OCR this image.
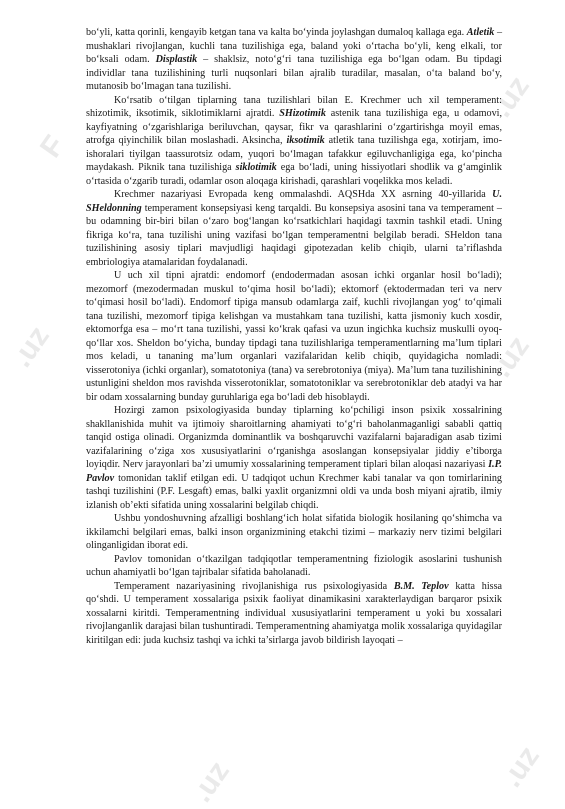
F
.uz
.uz	.uz
.uz	.uz

bo‘yli, katta qorinli, kengayib ketgan tana va kalta bo‘yinda joylashgan dumaloq kallaga ega. Atletik – mushaklari rivojlangan, kuchli tana tuzilishiga ega, baland yoki o‘rtacha bo‘yli, keng elkali, tor bo‘ksali odam. Displastik – shaklsiz, noto‘g‘ri tana tuzilishiga ega bo‘lgan odam. Bu tipdagi individlar tana tuzilishining turli nuqsonlari bilan ajralib turadilar, masalan, o‘ta baland bo‘y, mutanosib bo‘lmagan tana tuzilishi.

Ko‘rsatib o‘tilgan tiplarning tana tuzilishlari bilan E. Krechmer uch xil temperament: shizotimik, iksotimik, siklotimiklarni ajratdi. SHizotimik astenik tana tuzilishiga ega, u odamovi, kayfiyatning o‘zgarishlariga beriluvchan, qaysar, fikr va qarashlarini o‘zgartirishga moyil emas, atrofga qiyinchilik bilan moslashadi. Aksincha, iksotimik atletik tana tuzilishga ega, xotirjam, imo-ishoralari tiyilgan taassurotsiz odam, yuqori bo‘lmagan tafakkur egiluvchanligiga ega, ko‘pincha maydakash. Piknik tana tuzilishiga siklotimik ega bo‘ladi, uning hissiyotlari shodlik va g‘amginlik o‘rtasida o‘zgarib turadi, odamlar oson aloqaga kirishadi, qarashlari voqelikka mos keladi.

Krechmer nazariyasi Evropada keng ommalashdi. AQSHda XX asrning 40-yillarida U. SHeldonning temperament konsepsiyasi keng tarqaldi. Bu konsepsiya asosini tana va temperament – bu odamning bir-biri bilan o‘zaro bog‘langan ko‘rsatkichlari haqidagi taxmin tashkil etadi. Uning fikriga ko‘ra, tana tuzilishi uning vazifasi bo‘lgan temperamentni belgilab beradi. SHeldon tana tuzilishining asosiy tiplari mavjudligi haqidagi gipotezadan kelib chiqib, ularni ta’riflashda embriologiya atamalaridan foydalanadi.

U uch xil tipni ajratdi: endomorf (endodermadan asosan ichki organlar hosil bo‘ladi); mezomorf (mezodermadan muskul to‘qima hosil bo‘ladi); ektomorf (ektodermadan teri va nerv to‘qimasi hosil bo‘ladi). Endomorf tipiga mansub odamlarga zaif, kuchli rivojlangan yog‘ to‘qimali tana tuzilishi, mezomorf tipiga kelishgan va mustahkam tana tuzilishi, katta jismoniy kuch xosdir, ektomorfga esa – mo‘rt tana tuzilishi, yassi ko‘krak qafasi va uzun ingichka kuchsiz muskulli oyoq-qo‘llar xos. Sheldon bo‘yicha, bunday tipdagi tana tuzilishlariga temperamentlarning ma’lum tiplari mos keladi, u tananing ma’lum organlari vazifalaridan kelib chiqib, quyidagicha nomladi: visserotoniya (ichki organlar), somatotoniya (tana) va serebrotoniya (miya). Ma’lum tana tuzilishining ustunligini sheldon mos ravishda visserotoniklar, somatotoniklar va serebrotoniklar deb atadyi va har bir odam xossalarning bunday guruhlariga ega bo‘ladi deb hisoblaydi.

Hozirgi zamon psixologiyasida bunday tiplarning ko‘pchiligi inson psixik xossalrining shakllanishida muhit va ijtimoiy sharoitlarning ahamiyati to‘g‘ri baholanmaganligi sababli qattiq tanqid ostiga olinadi. Organizmda dominantlik va boshqaruvchi vazifalarni bajaradigan asab tizimi vazifalarining o‘ziga xos xususiyatlarini o‘rganishga asoslangan konsepsiyalar jiddiy e’tiborga loyiqdir. Nerv jarayonlari ba’zi umumiy xossalarining temperament tiplari bilan aloqasi nazariyasi I.P. Pavlov tomonidan taklif etilgan edi. U tadqiqot uchun Krechmer kabi tanalar va qon tomirlarining tashqi tuzilishini (P.F. Lesgaft) emas, balki yaxlit organizmni oldi va unda bosh miyani ajratib, ilmiy izlanish ob’ekti sifatida uning xossalarini belgilab chiqdi.

Ushbu yondoshuvning afzalligi boshlang‘ich holat sifatida biologik hosilaning qo‘shimcha va ikkilamchi belgilari emas, balki inson organizmining etakchi tizimi – markaziy nerv tizimi belgilari olinganligidan iborat edi.

Pavlov tomonidan o‘tkazilgan tadqiqotlar temperamentning fiziologik asoslarini tushunish uchun ahamiyatli bo‘lgan tajribalar sifatida baholanadi.

Temperament nazariyasining rivojlanishiga rus psixologiyasida B.M. Teplov katta hissa qo‘shdi. U temperament xossalariga psixik faoliyat dinamikasini xarakterlaydigan barqaror psixik xossalarni kiritdi. Temperamentning individual xususiyatlarini temperament u yoki bu xossalari rivojlanganlik darajasi bilan tushuntiradi. Temperamentning ahamiyatga molik xossalariga quyidagilar kiritilgan edi: juda kuchsiz tashqi va ichki ta’sirlarga javob bildirish layoqati –
